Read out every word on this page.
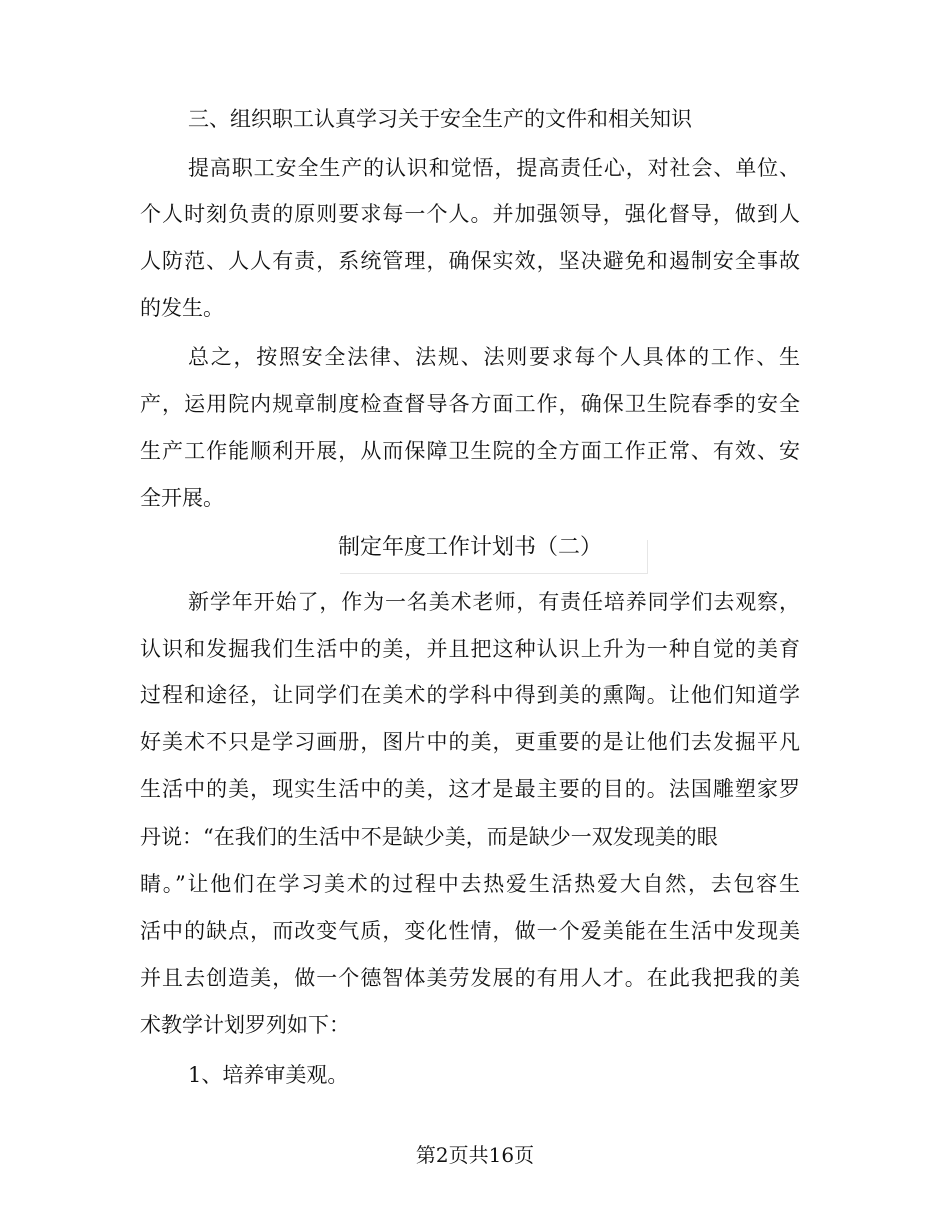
三、组织职工认真学习关于安全生产的文件和相关知识
提高职工安全生产的认识和觉悟，提高责任心，对社会、单位、
个人时刻负责的原则要求每一个人。并加强领导，强化督导，做到人
人防范、人人有责，系统管理，确保实效，坚决避免和遏制安全事故
的发生。
总之，按照安全法律、法规、法则要求每个人具体的工作、生
产，运用院内规章制度检查督导各方面工作，确保卫生院春季的安全
生产工作能顺利开展，从而保障卫生院的全方面工作正常、有效、安
全开展。
制定年度工作计划书（二）
新学年开始了，作为一名美术老师，有责任培养同学们去观察，
认识和发掘我们生活中的美，并且把这种认识上升为一种自觉的美育
过程和途径，让同学们在美术的学科中得到美的熏陶。让他们知道学
好美术不只是学习画册，图片中的美，更重要的是让他们去发掘平凡
生活中的美，现实生活中的美，这才是最主要的目的。法国雕塑家罗
丹说：“在我们的生活中不是缺少美，而是缺少一双发现美的眼
睛。”让他们在学习美术的过程中去热爱生活热爱大自然，去包容生
活中的缺点，而改变气质，变化性情，做一个爱美能在生活中发现美
并且去创造美，做一个德智体美劳发展的有用人才。在此我把我的美
术教学计划罗列如下：
1、培养审美观。
第2页共16页
